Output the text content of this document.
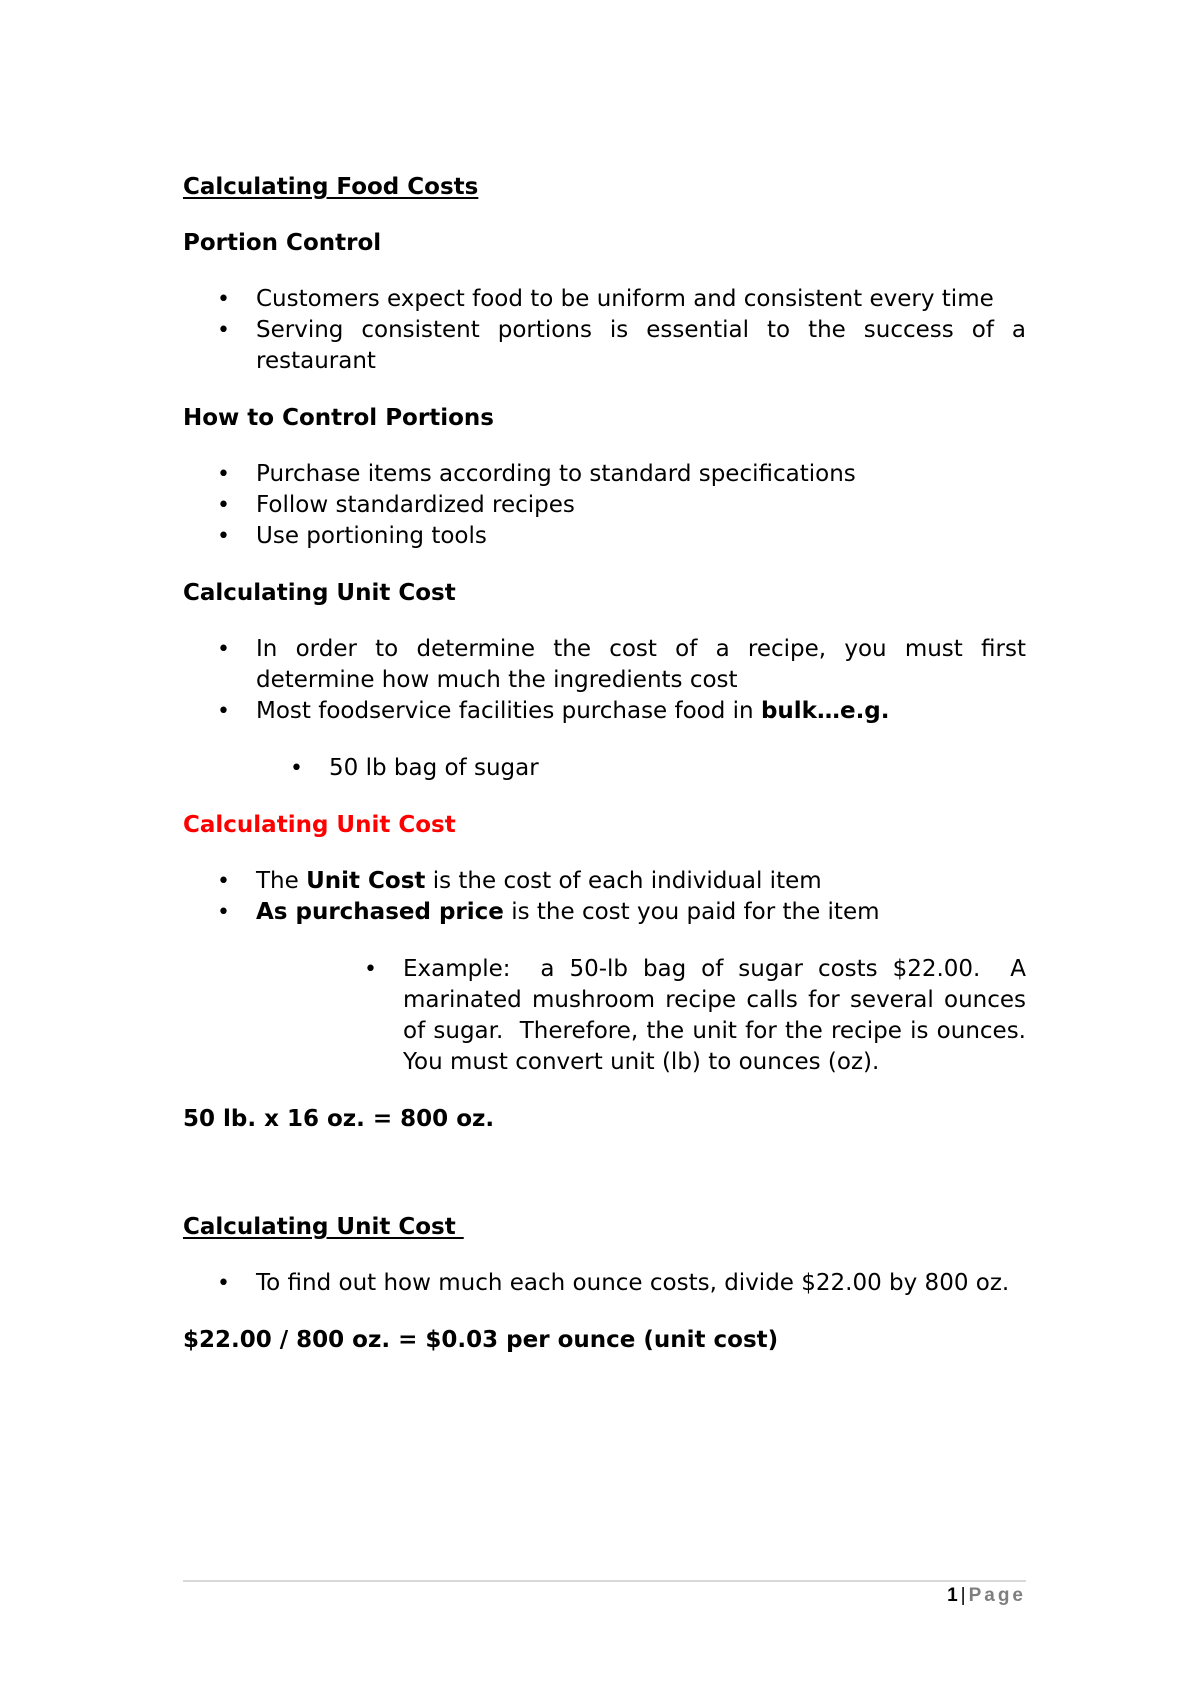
Calculating Food Costs
Portion Control
• Customers expect food to be uniform and consistent every time
• Serving consistent portions is essential to the success of a restaurant
How to Control Portions
• Purchase items according to standard specifications
• Follow standardized recipes
• Use portioning tools
Calculating Unit Cost
• In order to determine the cost of a recipe, you must first determine how much the ingredients cost
• Most foodservice facilities purchase food in bulk…e.g.
• 50 lb bag of sugar
Calculating Unit Cost
• The Unit Cost is the cost of each individual item
• As purchased price is the cost you paid for the item
• Example:  a 50-lb bag of sugar costs $22.00.  A marinated mushroom recipe calls for several ounces of sugar.  Therefore, the unit for the recipe is ounces.  You must convert unit (lb) to ounces (oz).
50 lb. x 16 oz. = 800 oz.
Calculating Unit Cost
• To find out how much each ounce costs, divide $22.00 by 800 oz.
$22.00 / 800 oz. = $0.03 per ounce (unit cost)
1 | Page
